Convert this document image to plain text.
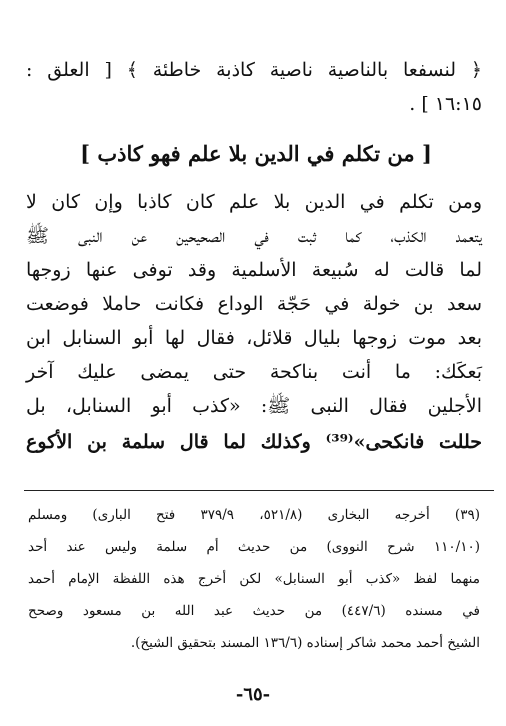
﴿ لنسفعا بالناصية ناصية كاذبة خاطئة ﴾ [ العلق :
١٦:١٥ ] .
[ من تكلم في الدين بلا علم فهو كاذب ]
ومن تكلم في الدين بلا علم كان كاذبا وإن كان لا
يتعمد الكذب، كما ثبت في الصحيحين عن النبى ﷺ
لما قالت له سُبيعة الأسلمية وقد توفى عنها زوجها
سعد بن خولة في حَجّة الوداع فكانت حاملا فوضعت
بعد موت زوجها بليال قلائل، فقال لها أبو السنابل ابن
بَعكَك: ما أنت بناكحة حتى يمضى عليك آخر
الأجلين فقال النبى ﷺ: «كذب أبو السنابل، بل
حللت فانكحى»⁽³⁹⁾ وكذلك لما قال سلمة بن الأكوع
(٣٩) أخرجه البخارى (٥٢١/٨، ٣٧٩/٩ فتح البارى) ومسلم
(١١٠/١٠ شرح النووى) من حديث أم سلمة وليس عند أحد
منهما لفظ «كذب أبو السنابل» لكن أخرج هذه اللفظة الإمام أحمد
في مسنده (٤٤٧/٦) من حديث عبد الله بن مسعود وصحح
الشيخ أحمد محمد شاكر إسناده (١٣٦/٦ المسند بتحقيق الشيخ).
-٦٥-
